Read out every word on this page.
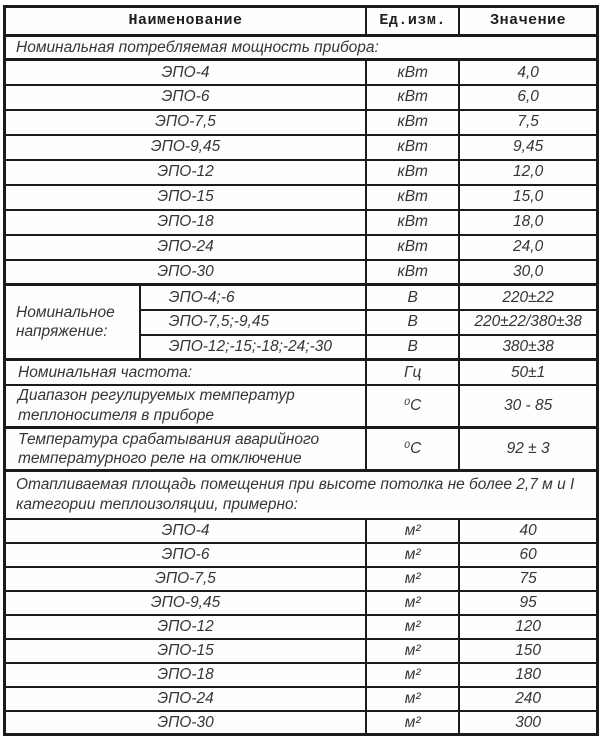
Наименование		Ед.изм.	Значение
Номинальная потребляемая мощность прибора:			
ЭПО-4		кВт	4,0
ЭПО-6		кВт	6,0
ЭПО-7,5		кВт	7,5
ЭПО-9,45		кВт	9,45
ЭПО-12		кВт	12,0
ЭПО-15		кВт	15,0
ЭПО-18		кВт	18,0
ЭПО-24		кВт	24,0
ЭПО-30		кВт	30,0
Номинальное напряжение:	ЭПО-4;-6	В	220±22
	ЭПО-7,5;-9,45	В	220±22/380±38
	ЭПО-12;-15;-18;-24;-30	В	380±38
Номинальная частота:		Гц	50±1
Диапазон регулируемых температур теплоносителя в приборе		⁰С	30 - 85
Температура срабатывания аварийного температурного реле на отключение		⁰С	92 ± 3
Отапливаемая площадь помещения при высоте потолка не более 2,7 м и I категории теплоизоляции, примерно:			
ЭПО-4		м²	40
ЭПО-6		м²	60
ЭПО-7,5		м²	75
ЭПО-9,45		м²	95
ЭПО-12		м²	120
ЭПО-15		м²	150
ЭПО-18		м²	180
ЭПО-24		м²	240
ЭПО-30		м²	300
